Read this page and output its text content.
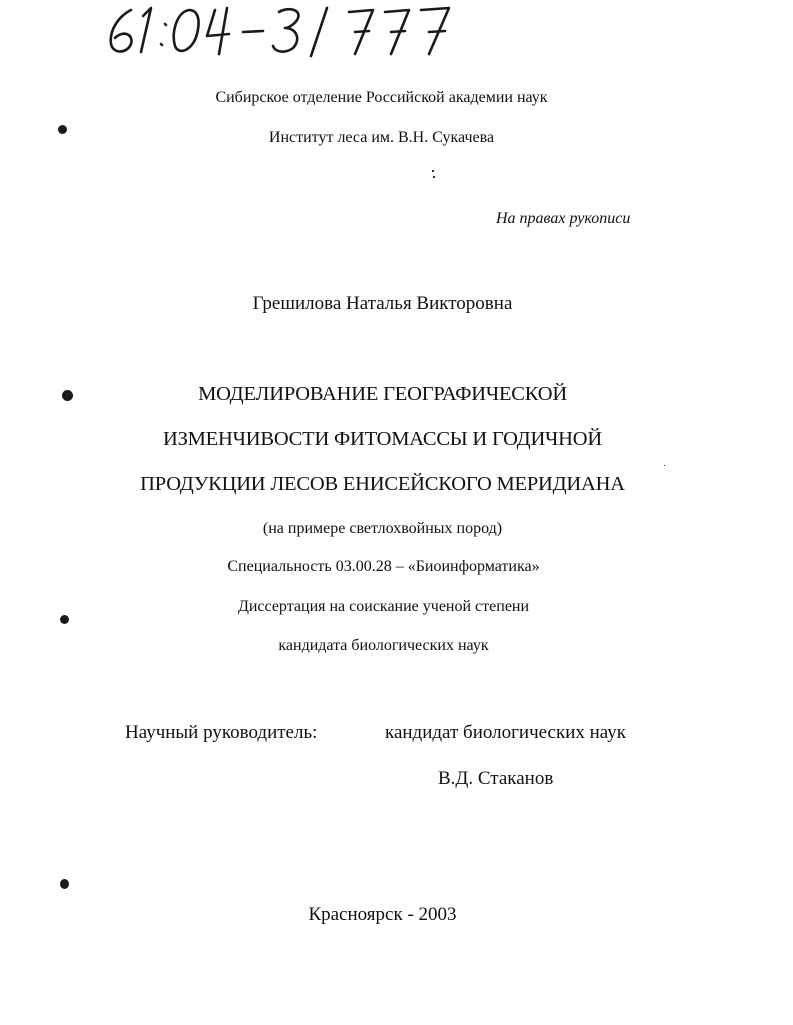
Сибирское отделение Российской академии наук
Институт леса им. В.Н. Сукачева
На правах рукописи
Грешилова Наталья Викторовна
МОДЕЛИРОВАНИЕ ГЕОГРАФИЧЕСКОЙ
ИЗМЕНЧИВОСТИ ФИТОМАССЫ И ГОДИЧНОЙ
ПРОДУКЦИИ ЛЕСОВ ЕНИСЕЙСКОГО МЕРИДИАНА
(на примере светлохвойных пород)
Специальность 03.00.28 – «Биоинформатика»
Диссертация на соискание ученой степени
кандидата биологических наук
Научный руководитель:	кандидат биологических наук
В.Д. Стаканов
Красноярск - 2003
